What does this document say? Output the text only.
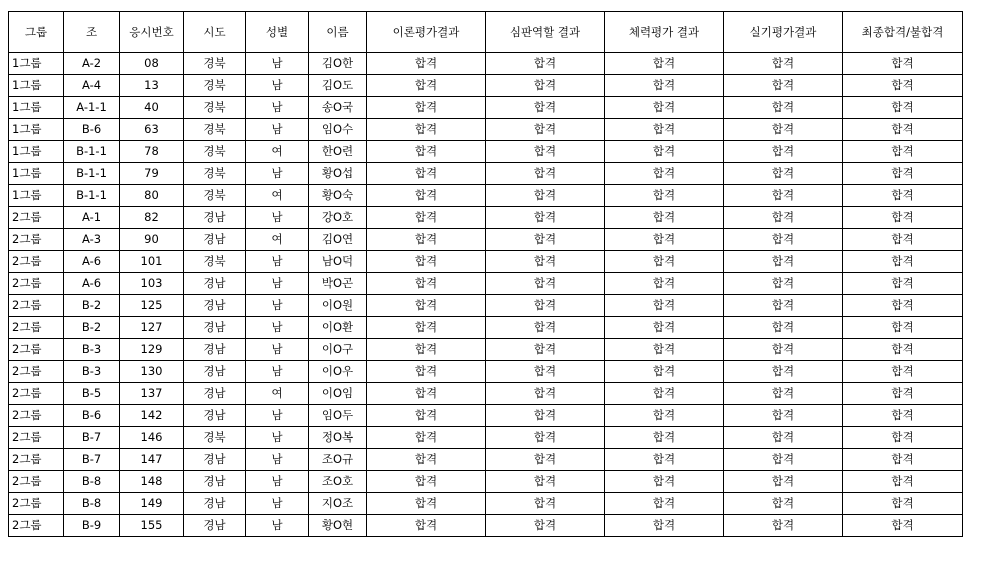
그룹	조	응시번호	시도	성별	이름	이론평가결과	심판역할 결과	체력평가 결과	실기평가결과	최종합격/불합격
1그룹	A-2	08	경북	남	김O한	합격	합격	합격	합격	합격
1그룹	A-4	13	경북	남	김O도	합격	합격	합격	합격	합격
1그룹	A-1-1	40	경북	남	송O국	합격	합격	합격	합격	합격
1그룹	B-6	63	경북	남	임O수	합격	합격	합격	합격	합격
1그룹	B-1-1	78	경북	여	한O련	합격	합격	합격	합격	합격
1그룹	B-1-1	79	경북	남	황O섭	합격	합격	합격	합격	합격
1그룹	B-1-1	80	경북	여	황O숙	합격	합격	합격	합격	합격
2그룹	A-1	82	경남	남	강O호	합격	합격	합격	합격	합격
2그룹	A-3	90	경남	여	김O연	합격	합격	합격	합격	합격
2그룹	A-6	101	경북	남	남O덕	합격	합격	합격	합격	합격
2그룹	A-6	103	경남	남	박O곤	합격	합격	합격	합격	합격
2그룹	B-2	125	경남	남	이O원	합격	합격	합격	합격	합격
2그룹	B-2	127	경남	남	이O환	합격	합격	합격	합격	합격
2그룹	B-3	129	경남	남	이O구	합격	합격	합격	합격	합격
2그룹	B-3	130	경남	남	이O우	합격	합격	합격	합격	합격
2그룹	B-5	137	경남	여	이O임	합격	합격	합격	합격	합격
2그룹	B-6	142	경남	남	임O두	합격	합격	합격	합격	합격
2그룹	B-7	146	경북	남	정O복	합격	합격	합격	합격	합격
2그룹	B-7	147	경남	남	조O규	합격	합격	합격	합격	합격
2그룹	B-8	148	경남	남	조O호	합격	합격	합격	합격	합격
2그룹	B-8	149	경남	남	지O조	합격	합격	합격	합격	합격
2그룹	B-9	155	경남	남	황O현	합격	합격	합격	합격	합격
